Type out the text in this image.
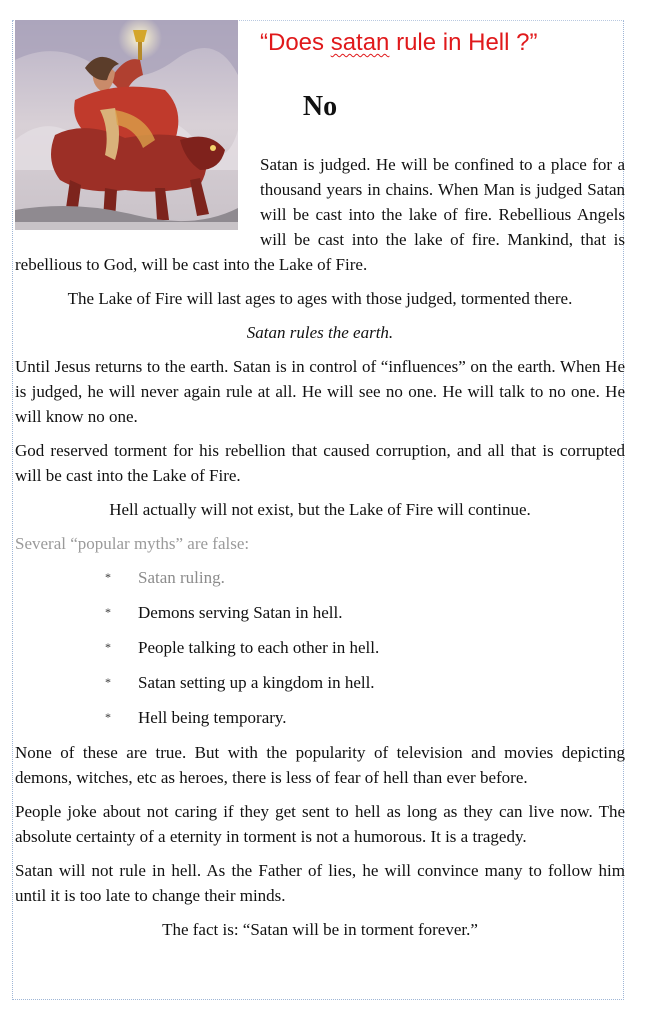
“Does satan rule in Hell ?”
No

Satan is judged. He will be confined to a place for a thousand years in chains. When Man is judged Satan will be cast into the lake of fire. Rebellious Angels will be cast into the lake of fire. Mankind, that is rebellious to God, will be cast into the Lake of Fire.

The Lake of Fire will last ages to ages with those judged, tormented there.

Satan rules the earth.

Until Jesus returns to the earth. Satan is in control of “influences” on the earth. When He is judged, he will never again rule at all. He will see no one. He will talk to no one. He will know no one.

God reserved torment for his rebellion that caused corruption, and all that is corrupted will be cast into the Lake of Fire.

Hell actually will not exist, but the Lake of Fire will continue.

Several “popular myths” are false:

* Satan ruling.
* Demons serving Satan in hell.
* People talking to each other in hell.
* Satan setting up a kingdom in hell.
* Hell being temporary.

None of these are true. But with the popularity of television and movies depicting demons, witches, etc as heroes, there is less of fear of hell than ever before.

People joke about not caring if they get sent to hell as long as they can live now. The absolute certainty of a eternity in torment is not a humorous. It is a tragedy.

Satan will not rule in hell. As the Father of lies, he will convince many to follow him until it is too late to change their minds.

The fact is: “Satan will be in torment forever.”
